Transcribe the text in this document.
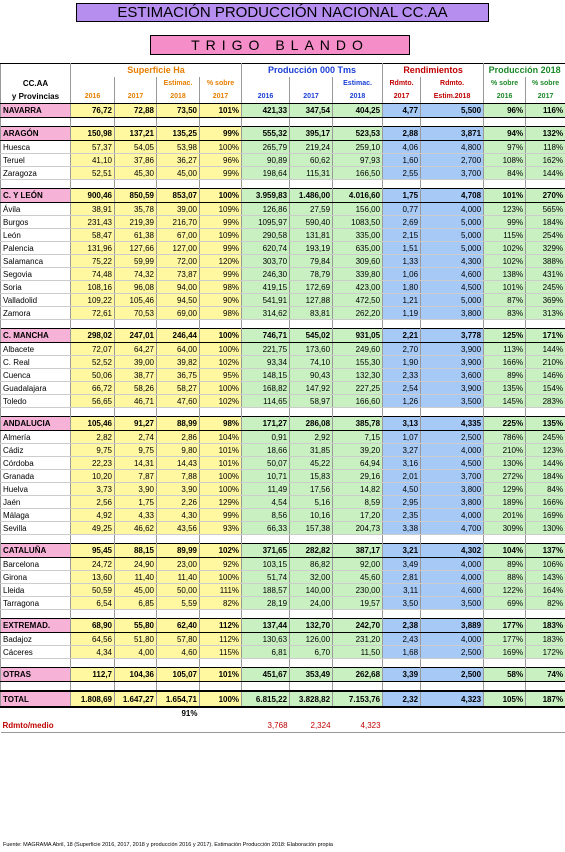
ESTIMACIÓN PRODUCCIÓN NACIONAL CC.AA
TRIGO BLANDO
	Superficie Ha				Producción 000 Tms			Rendimientos		Producción 2018	
CC.AA			Estimac.	% sobre			Estimac.	Rdmto.	Rdmto.	% sobre	% sobre
y Provincias	2016	2017	2018	2017	2016	2017	2018	2017	Estim.2018	2016	2017
NAVARRA	76,72	72,88	73,50	101%	421,33	347,54	404,25	4,77	5,500	96%	116%

ARAGÓN	150,98	137,21	135,25	99%	555,32	395,17	523,53	2,88	3,871	94%	132%
Huesca	57,37	54,05	53,98	100%	265,79	219,24	259,10	4,06	4,800	97%	118%
Teruel	41,10	37,86	36,27	96%	90,89	60,62	97,93	1,60	2,700	108%	162%
Zaragoza	52,51	45,30	45,00	99%	198,64	115,31	166,50	2,55	3,700	84%	144%

C. Y LEÓN	900,46	850,59	853,07	100%	3.959,83	1.486,00	4.016,60	1,75	4,708	101%	270%
Ávila	38,91	35,78	39,00	109%	126,86	27,59	156,00	0,77	4,000	123%	565%
Burgos	231,43	219,39	216,70	99%	1095,97	590,40	1083,50	2,69	5,000	99%	184%
León	58,47	61,38	67,00	109%	290,58	131,81	335,00	2,15	5,000	115%	254%
Palencia	131,96	127,66	127,00	99%	620,74	193,19	635,00	1,51	5,000	102%	329%
Salamanca	75,22	59,99	72,00	120%	303,70	79,84	309,60	1,33	4,300	102%	388%
Segovia	74,48	74,32	73,87	99%	246,30	78,79	339,80	1,06	4,600	138%	431%
Soria	108,16	96,08	94,00	98%	419,15	172,69	423,00	1,80	4,500	101%	245%
Valladolid	109,22	105,46	94,50	90%	541,91	127,88	472,50	1,21	5,000	87%	369%
Zamora	72,61	70,53	69,00	98%	314,62	83,81	262,20	1,19	3,800	83%	313%

C. MANCHA	298,02	247,01	246,44	100%	746,71	545,02	931,05	2,21	3,778	125%	171%
Albacete	72,07	64,27	64,00	100%	221,75	173,60	249,60	2,70	3,900	113%	144%
C. Real	52,52	39,00	39,82	102%	93,34	74,10	155,30	1,90	3,900	166%	210%
Cuenca	50,06	38,77	36,75	95%	148,15	90,43	132,30	2,33	3,600	89%	146%
Guadalajara	66,72	58,26	58,27	100%	168,82	147,92	227,25	2,54	3,900	135%	154%
Toledo	56,65	46,71	47,60	102%	114,65	58,97	166,60	1,26	3,500	145%	283%

ANDALUCIA	105,46	91,27	88,99	98%	171,27	286,08	385,78	3,13	4,335	225%	135%
Almería	2,82	2,74	2,86	104%	0,91	2,92	7,15	1,07	2,500	786%	245%
Cádiz	9,75	9,75	9,80	101%	18,66	31,85	39,20	3,27	4,000	210%	123%
Córdoba	22,23	14,31	14,43	101%	50,07	45,22	64,94	3,16	4,500	130%	144%
Granada	10,20	7,87	7,88	100%	10,71	15,83	29,16	2,01	3,700	272%	184%
Huelva	3,73	3,90	3,90	100%	11,49	17,56	14,82	4,50	3,800	129%	84%
Jaén	2,56	1,75	2,26	129%	4,54	5,16	8,59	2,95	3,800	189%	166%
Málaga	4,92	4,33	4,30	99%	8,56	10,16	17,20	2,35	4,000	201%	169%
Sevilla	49,25	46,62	43,56	93%	66,33	157,38	204,73	3,38	4,700	309%	130%

CATALUÑA	95,45	88,15	89,99	102%	371,65	282,82	387,17	3,21	4,302	104%	137%
Barcelona	24,72	24,90	23,00	92%	103,15	86,82	92,00	3,49	4,000	89%	106%
Girona	13,60	11,40	11,40	100%	51,74	32,00	45,60	2,81	4,000	88%	143%
Lleida	50,59	45,00	50,00	111%	188,57	140,00	230,00	3,11	4,600	122%	164%
Tarragona	6,54	6,85	5,59	82%	28,19	24,00	19,57	3,50	3,500	69%	82%

EXTREMAD.	68,90	55,80	62,40	112%	137,44	132,70	242,70	2,38	3,889	177%	183%
Badajoz	64,56	51,80	57,80	112%	130,63	126,00	231,20	2,43	4,000	177%	183%
Cáceres	4,34	4,00	4,60	115%	6,81	6,70	11,50	1,68	2,500	169%	172%

OTRAS	112,7	104,36	105,07	101%	451,67	353,49	262,68	3,39	2,500	58%	74%

TOTAL	1.808,69	1.647,27	1.654,71	100%	6.815,22	3.828,82	7.153,76	2,32	4,323	105%	187%
			91%								
Rdmto/medio					3,768	2,324	4,323				
Fuente: MAGRAMA Abril, 18 (Superficie 2016, 2017, 2018 y producción 2016 y 2017). Estimación Producción 2018: Elaboración propia
